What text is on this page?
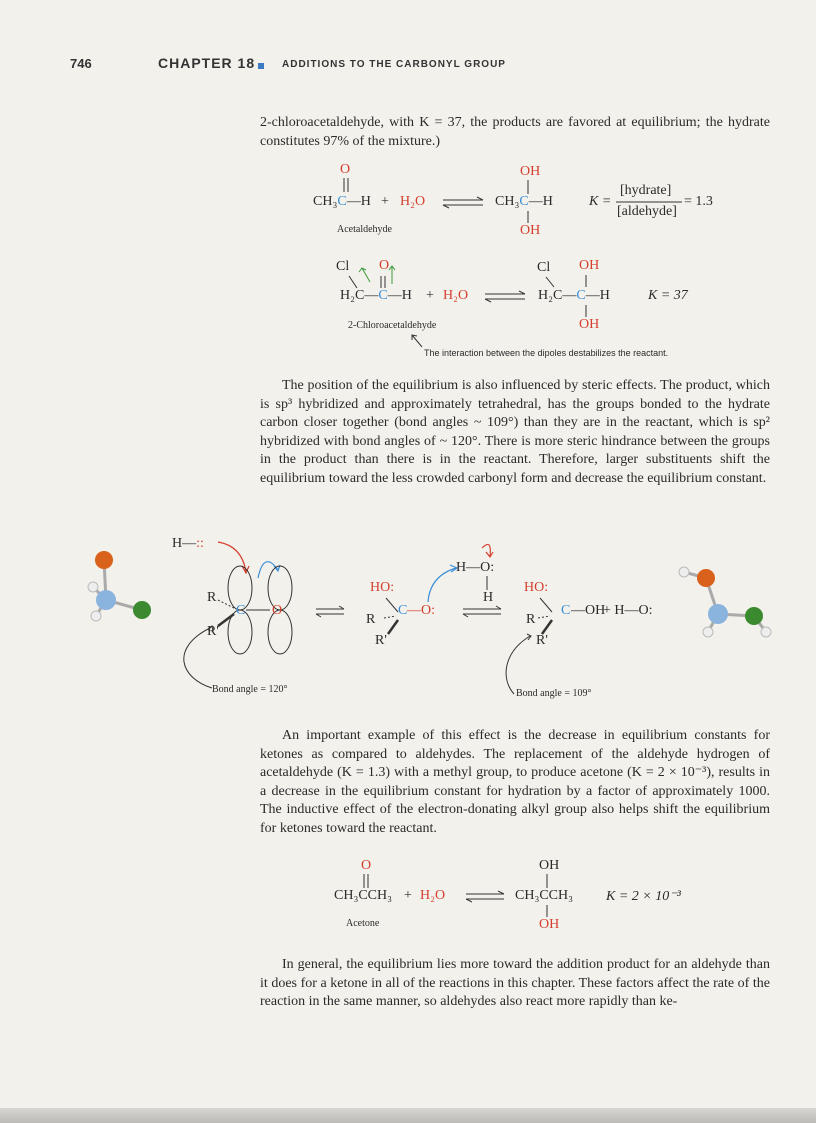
746	CHAPTER 18	ADDITIONS TO THE CARBONYL GROUP
2-chloroacetaldehyde, with K = 37, the products are favored at equilibrium; the hydrate constitutes 97% of the mixture.)
O
CH₃C—H + H₂O
Acetaldehyde
OH
CH₃C—H
OH
K =
[hydrate]
[aldehyde]
= 1.3
Cl O
H₂C—C—H + H₂O
Cl OH
H₂C—C—H
OH
K = 37
2-Chloroacetaldehyde
The interaction between the dipoles destabilizes the reactant.
The position of the equilibrium is also influenced by steric effects. The product, which is sp³ hybridized and approximately tetrahedral, has the groups bonded to the hydrate carbon closer together (bond angles ~ 109°) than they are in the reactant, which is sp² hybridized with bond angles of ~ 120°. There is more steric hindrance between the groups in the product than there is in the reactant. Therefore, larger substituents shift the equilibrium toward the less crowded carbonyl form and decrease the equilibrium constant.
H—::
R
R'
C O
Bond angle = 120°
HO:
R
C —O:
R'
H—O:
H
HO:
R
C —OH
R'
+ H—O:
Bond angle = 109°
An important example of this effect is the decrease in equilibrium constants for ketones as compared to aldehydes. The replacement of the aldehyde hydrogen of acetaldehyde (K = 1.3) with a methyl group, to produce acetone (K = 2 × 10⁻³), results in a decrease in the equilibrium constant for hydration by a factor of approximately 1000. The inductive effect of the electron-donating alkyl group also helps shift the equilibrium for ketones toward the reactant.
O
CH₃CCH₃ + H₂O
Acetone
OH
CH₃CCH₃
OH
K = 2 × 10⁻³
In general, the equilibrium lies more toward the addition product for an aldehyde than it does for a ketone in all of the reactions in this chapter. These factors affect the rate of the reaction in the same manner, so aldehydes also react more rapidly than ke-
